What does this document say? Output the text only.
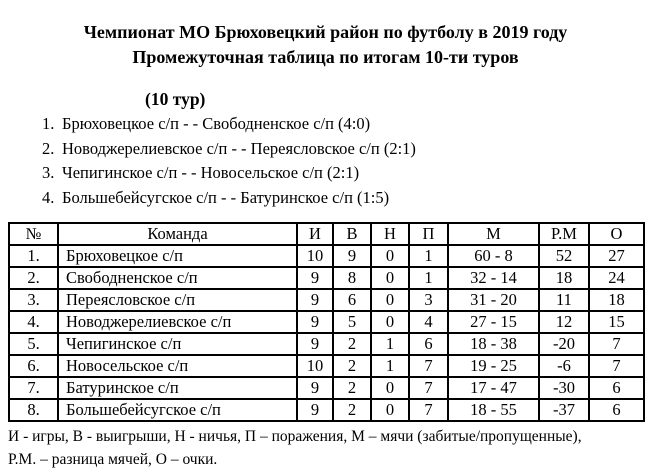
Чемпионат МО Брюховецкий район по футболу в 2019 году
Промежуточная таблица по итогам 10-ти туров
(10 тур)
1. Брюховецкое с/п - - Свободненское с/п (4:0)
2. Новоджерелиевское с/п - - Переясловское с/п (2:1)
3. Чепигинское с/п - - Новосельское с/п (2:1)
4. Большебейсугское с/п - - Батуринское с/п (1:5)
№	Команда	И	В	Н	П	М	Р.М	О
1.	Брюховецкое с/п	10	9	0	1	60 - 8	52	27
2.	Свободненское с/п	9	8	0	1	32 - 14	18	24
3.	Переясловское с/п	9	6	0	3	31 - 20	11	18
4.	Новоджерелиевское с/п	9	5	0	4	27 - 15	12	15
5.	Чепигинское с/п	9	2	1	6	18 - 38	-20	7
6.	Новосельское с/п	10	2	1	7	19 - 25	-6	7
7.	Батуринское с/п	9	2	0	7	17 - 47	-30	6
8.	Большебейсугское с/п	9	2	0	7	18 - 55	-37	6
И - игры, В - выигрыши, Н - ничья, П – поражения, М – мячи (забитые/пропущенные),
Р.М. – разница мячей, О – очки.
